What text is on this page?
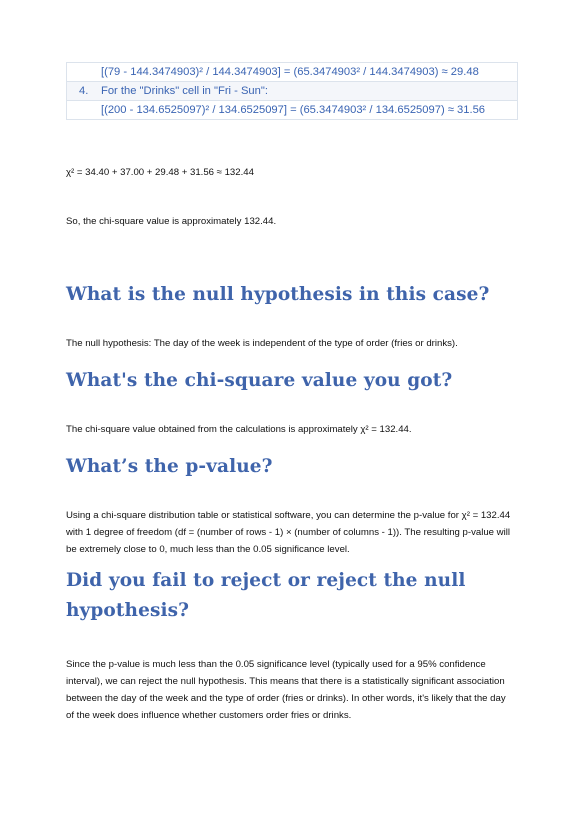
[(79 - 144.3474903)² / 144.3474903] = (65.3474903² / 144.3474903) ≈ 29.48
4. For the "Drinks" cell in "Fri - Sun":
[(200 - 134.6525097)² / 134.6525097] = (65.3474903² / 134.6525097) ≈ 31.56
χ² = 34.40 + 37.00 + 29.48 + 31.56 ≈ 132.44
So, the chi-square value is approximately 132.44.
What is the null hypothesis in this case?
The null hypothesis: The day of the week is independent of the type of order (fries or drinks).
What's the chi-square value you got?
The chi-square value obtained from the calculations is approximately χ² = 132.44.
What’s the p-value?
Using a chi-square distribution table or statistical software, you can determine the p-value for χ² = 132.44 with 1 degree of freedom (df = (number of rows - 1) × (number of columns - 1)). The resulting p-value will be extremely close to 0, much less than the 0.05 significance level.
Did you fail to reject or reject the null hypothesis?
Since the p-value is much less than the 0.05 significance level (typically used for a 95% confidence interval), we can reject the null hypothesis. This means that there is a statistically significant association between the day of the week and the type of order (fries or drinks). In other words, it's likely that the day of the week does influence whether customers order fries or drinks.
